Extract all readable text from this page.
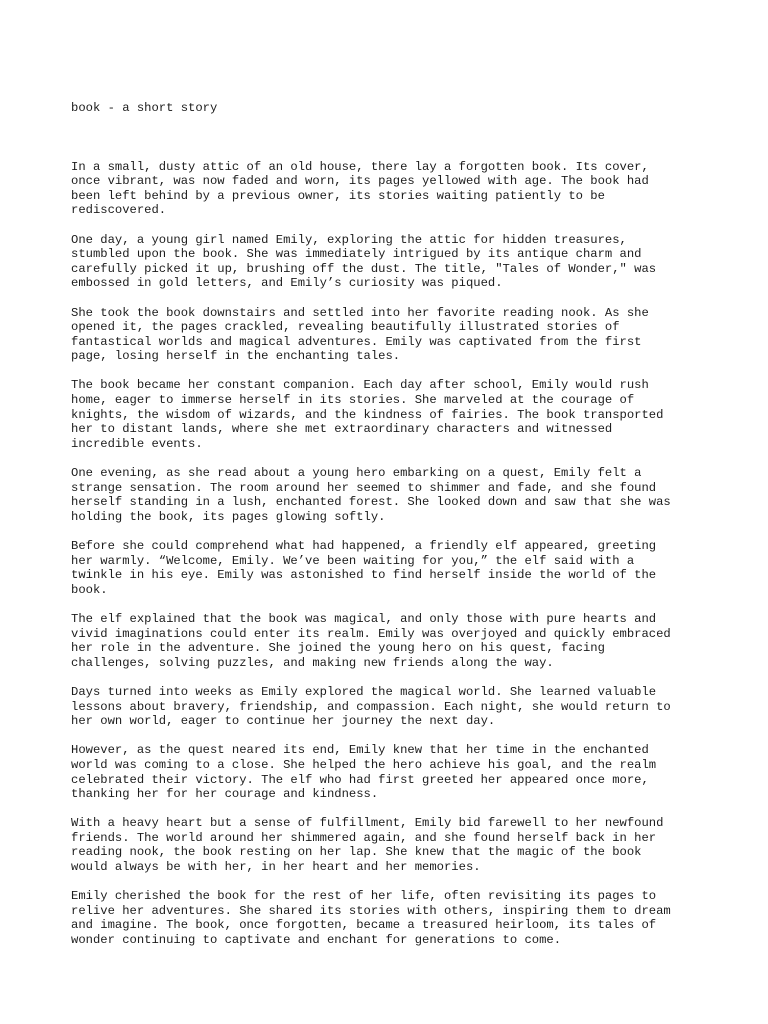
book - a short story

In a small, dusty attic of an old house, there lay a forgotten book. Its cover,
once vibrant, was now faded and worn, its pages yellowed with age. The book had
been left behind by a previous owner, its stories waiting patiently to be
rediscovered.
One day, a young girl named Emily, exploring the attic for hidden treasures,
stumbled upon the book. She was immediately intrigued by its antique charm and
carefully picked it up, brushing off the dust. The title, "Tales of Wonder," was
embossed in gold letters, and Emily’s curiosity was piqued.
She took the book downstairs and settled into her favorite reading nook. As she
opened it, the pages crackled, revealing beautifully illustrated stories of
fantastical worlds and magical adventures. Emily was captivated from the first
page, losing herself in the enchanting tales.
The book became her constant companion. Each day after school, Emily would rush
home, eager to immerse herself in its stories. She marveled at the courage of
knights, the wisdom of wizards, and the kindness of fairies. The book transported
her to distant lands, where she met extraordinary characters and witnessed
incredible events.
One evening, as she read about a young hero embarking on a quest, Emily felt a
strange sensation. The room around her seemed to shimmer and fade, and she found
herself standing in a lush, enchanted forest. She looked down and saw that she was
holding the book, its pages glowing softly.
Before she could comprehend what had happened, a friendly elf appeared, greeting
her warmly. “Welcome, Emily. We’ve been waiting for you,” the elf said with a
twinkle in his eye. Emily was astonished to find herself inside the world of the
book.
The elf explained that the book was magical, and only those with pure hearts and
vivid imaginations could enter its realm. Emily was overjoyed and quickly embraced
her role in the adventure. She joined the young hero on his quest, facing
challenges, solving puzzles, and making new friends along the way.
Days turned into weeks as Emily explored the magical world. She learned valuable
lessons about bravery, friendship, and compassion. Each night, she would return to
her own world, eager to continue her journey the next day.
However, as the quest neared its end, Emily knew that her time in the enchanted
world was coming to a close. She helped the hero achieve his goal, and the realm
celebrated their victory. The elf who had first greeted her appeared once more,
thanking her for her courage and kindness.
With a heavy heart but a sense of fulfillment, Emily bid farewell to her newfound
friends. The world around her shimmered again, and she found herself back in her
reading nook, the book resting on her lap. She knew that the magic of the book
would always be with her, in her heart and her memories.
Emily cherished the book for the rest of her life, often revisiting its pages to
relive her adventures. She shared its stories with others, inspiring them to dream
and imagine. The book, once forgotten, became a treasured heirloom, its tales of
wonder continuing to captivate and enchant for generations to come.
